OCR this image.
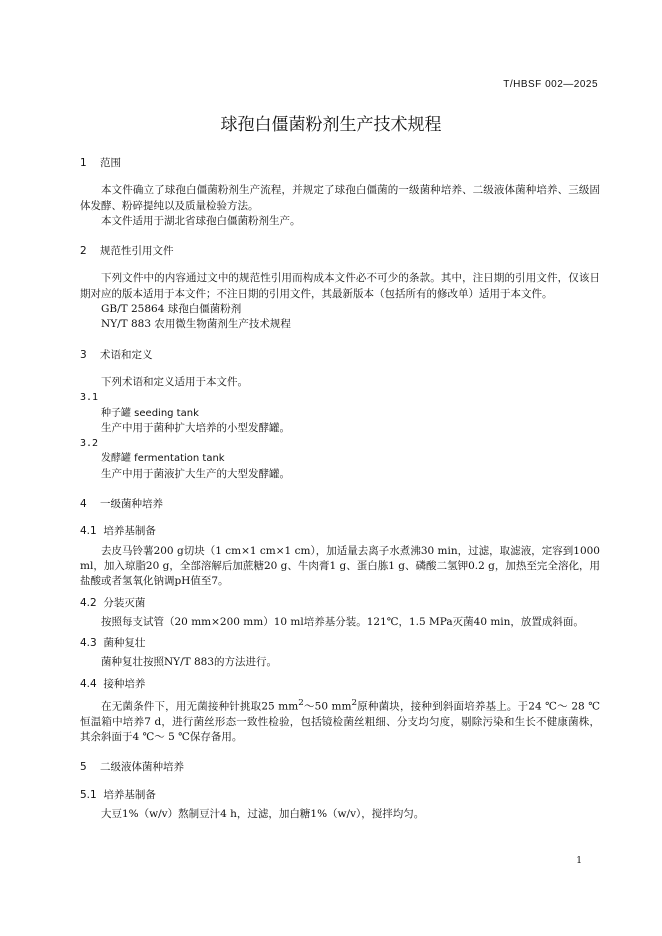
T/HBSF 002—2025
球孢白僵菌粉剂生产技术规程
1 范围
本文件确立了球孢白僵菌粉剂生产流程，并规定了球孢白僵菌的一级菌种培养、二级液体菌种培养、三级固体发酵、粉碎提纯以及质量检验方法。
本文件适用于湖北省球孢白僵菌粉剂生产。
2 规范性引用文件
下列文件中的内容通过文中的规范性引用而构成本文件必不可少的条款。其中，注日期的引用文件，仅该日期对应的版本适用于本文件；不注日期的引用文件，其最新版本（包括所有的修改单）适用于本文件。
GB/T 25864 球孢白僵菌粉剂
NY/T 883 农用微生物菌剂生产技术规程
3 术语和定义
下列术语和定义适用于本文件。
3.1
种子罐 seeding tank
生产中用于菌种扩大培养的小型发酵罐。
3.2
发酵罐 fermentation tank
生产中用于菌液扩大生产的大型发酵罐。
4 一级菌种培养
4.1 培养基制备
去皮马铃薯200 g切块（1 cm×1 cm×1 cm），加适量去离子水煮沸30 min，过滤，取滤液，定容到1000 ml，加入琼脂20 g，全部溶解后加蔗糖20 g、牛肉膏1 g、蛋白胨1 g、磷酸二氢钾0.2 g，加热至完全溶化，用盐酸或者氢氧化钠调pH值至7。
4.2 分装灭菌
按照每支试管（20 mm×200 mm）10 ml培养基分装。121℃，1.5 MPa灭菌40 min，放置成斜面。
4.3 菌种复壮
菌种复壮按照NY/T 883的方法进行。
4.4 接种培养
在无菌条件下，用无菌接种针挑取25 $mm^2\sim 50$ $mm^2$原种菌块，接种到斜面培养基上。于24 ℃～ 28 ℃恒温箱中培养7 d，进行菌丝形态一致性检验，包括镜检菌丝粗细、分支均匀度，剔除污染和生长不健康菌株，其余斜面于4 ℃～ 5 ℃保存备用。
5 二级液体菌种培养
5.1 培养基制备
大豆1%（w/v）熬制豆汁4 h，过滤，加白糖1%（w/v），搅拌均匀。
1
